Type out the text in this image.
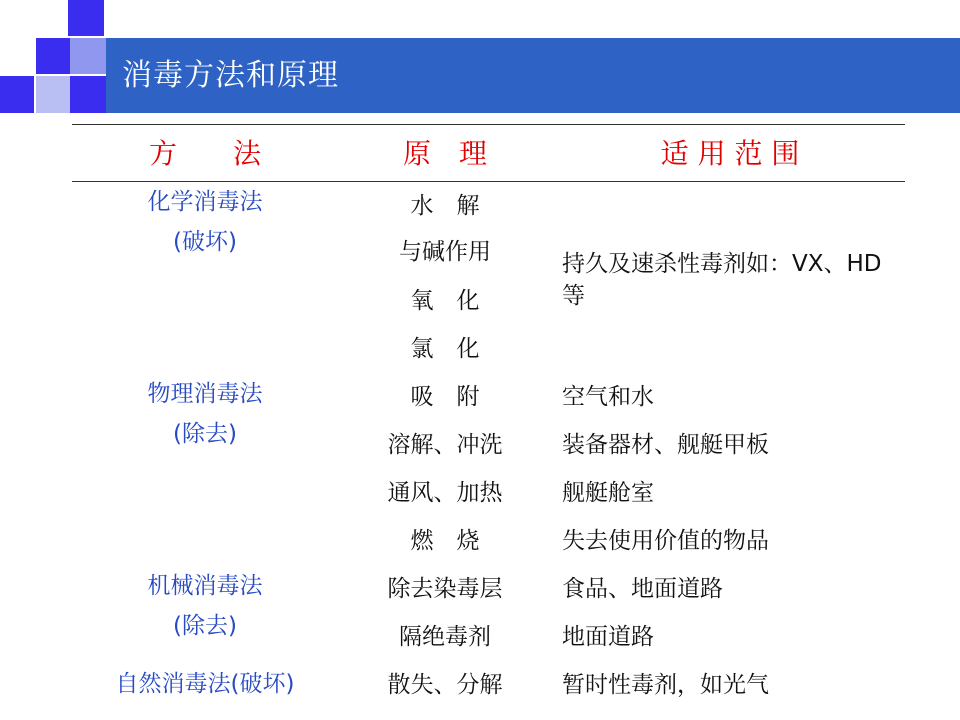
消毒方法和原理
方　　法	原　理	适 用 范 围
化学消毒法
(破坏)
物理消毒法
(除去)
机械消毒法
(除去)
自然消毒法(破坏)
水　解
与碱作用
氧　化
氯　化
吸　附
溶解、冲洗
通风、加热
燃　烧
除去染毒层
隔绝毒剂
散失、分解
持久及速杀性毒剂如：VX、HD等
空气和水
装备器材、舰艇甲板
舰艇舱室
失去使用价值的物品
食品、地面道路
地面道路
暂时性毒剂，如光气
